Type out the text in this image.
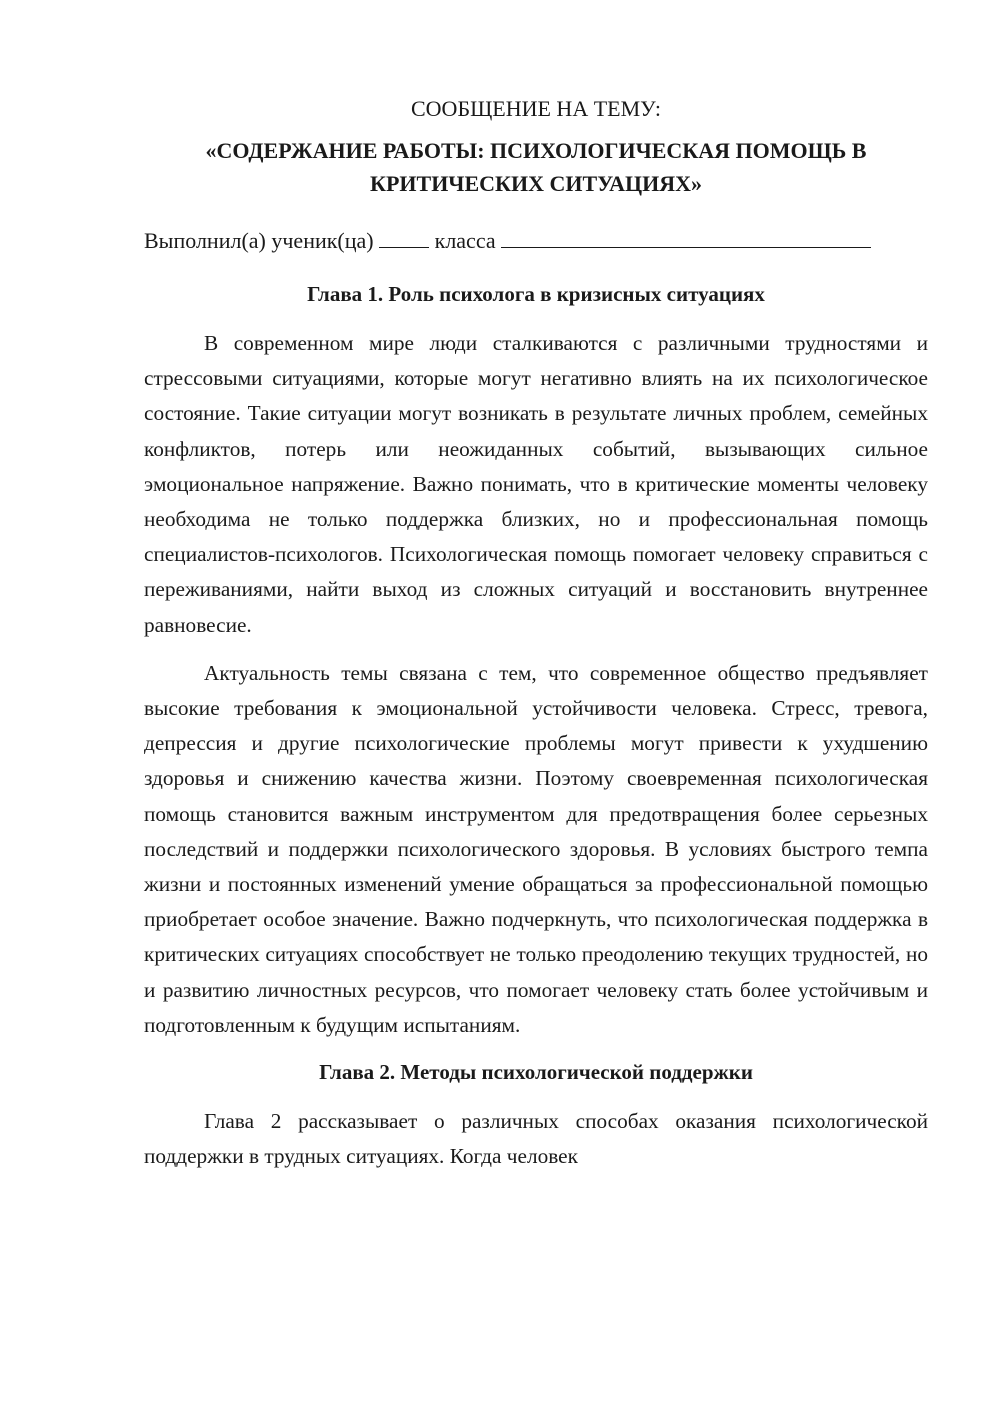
СООБЩЕНИЕ НА ТЕМУ:
«СОДЕРЖАНИЕ РАБОТЫ: ПСИХОЛОГИЧЕСКАЯ ПОМОЩЬ В КРИТИЧЕСКИХ СИТУАЦИЯХ»
Выполнил(а) ученик(ца)	класса
Глава 1. Роль психолога в кризисных ситуациях

В современном мире люди сталкиваются с различными трудностями и стрессовыми ситуациями, которые могут негативно влиять на их психологическое состояние. Такие ситуации могут возникать в результате личных проблем, семейных конфликтов, потерь или неожиданных событий, вызывающих сильное эмоциональное напряжение. Важно понимать, что в критические моменты человеку необходима не только поддержка близких, но и профессиональная помощь специалистов-психологов. Психологическая помощь помогает человеку справиться с переживаниями, найти выход из сложных ситуаций и восстановить внутреннее равновесие.

Актуальность темы связана с тем, что современное общество предъявляет высокие требования к эмоциональной устойчивости человека. Стресс, тревога, депрессия и другие психологические проблемы могут привести к ухудшению здоровья и снижению качества жизни. Поэтому своевременная психологическая помощь становится важным инструментом для предотвращения более серьезных последствий и поддержки психологического здоровья. В условиях быстрого темпа жизни и постоянных изменений умение обращаться за профессиональной помощью приобретает особое значение. Важно подчеркнуть, что психологическая поддержка в критических ситуациях способствует не только преодолению текущих трудностей, но и развитию личностных ресурсов, что помогает человеку стать более устойчивым и подготовленным к будущим испытаниям.

Глава 2. Методы психологической поддержки

Глава 2 рассказывает о различных способах оказания психологической поддержки в трудных ситуациях. Когда человек
